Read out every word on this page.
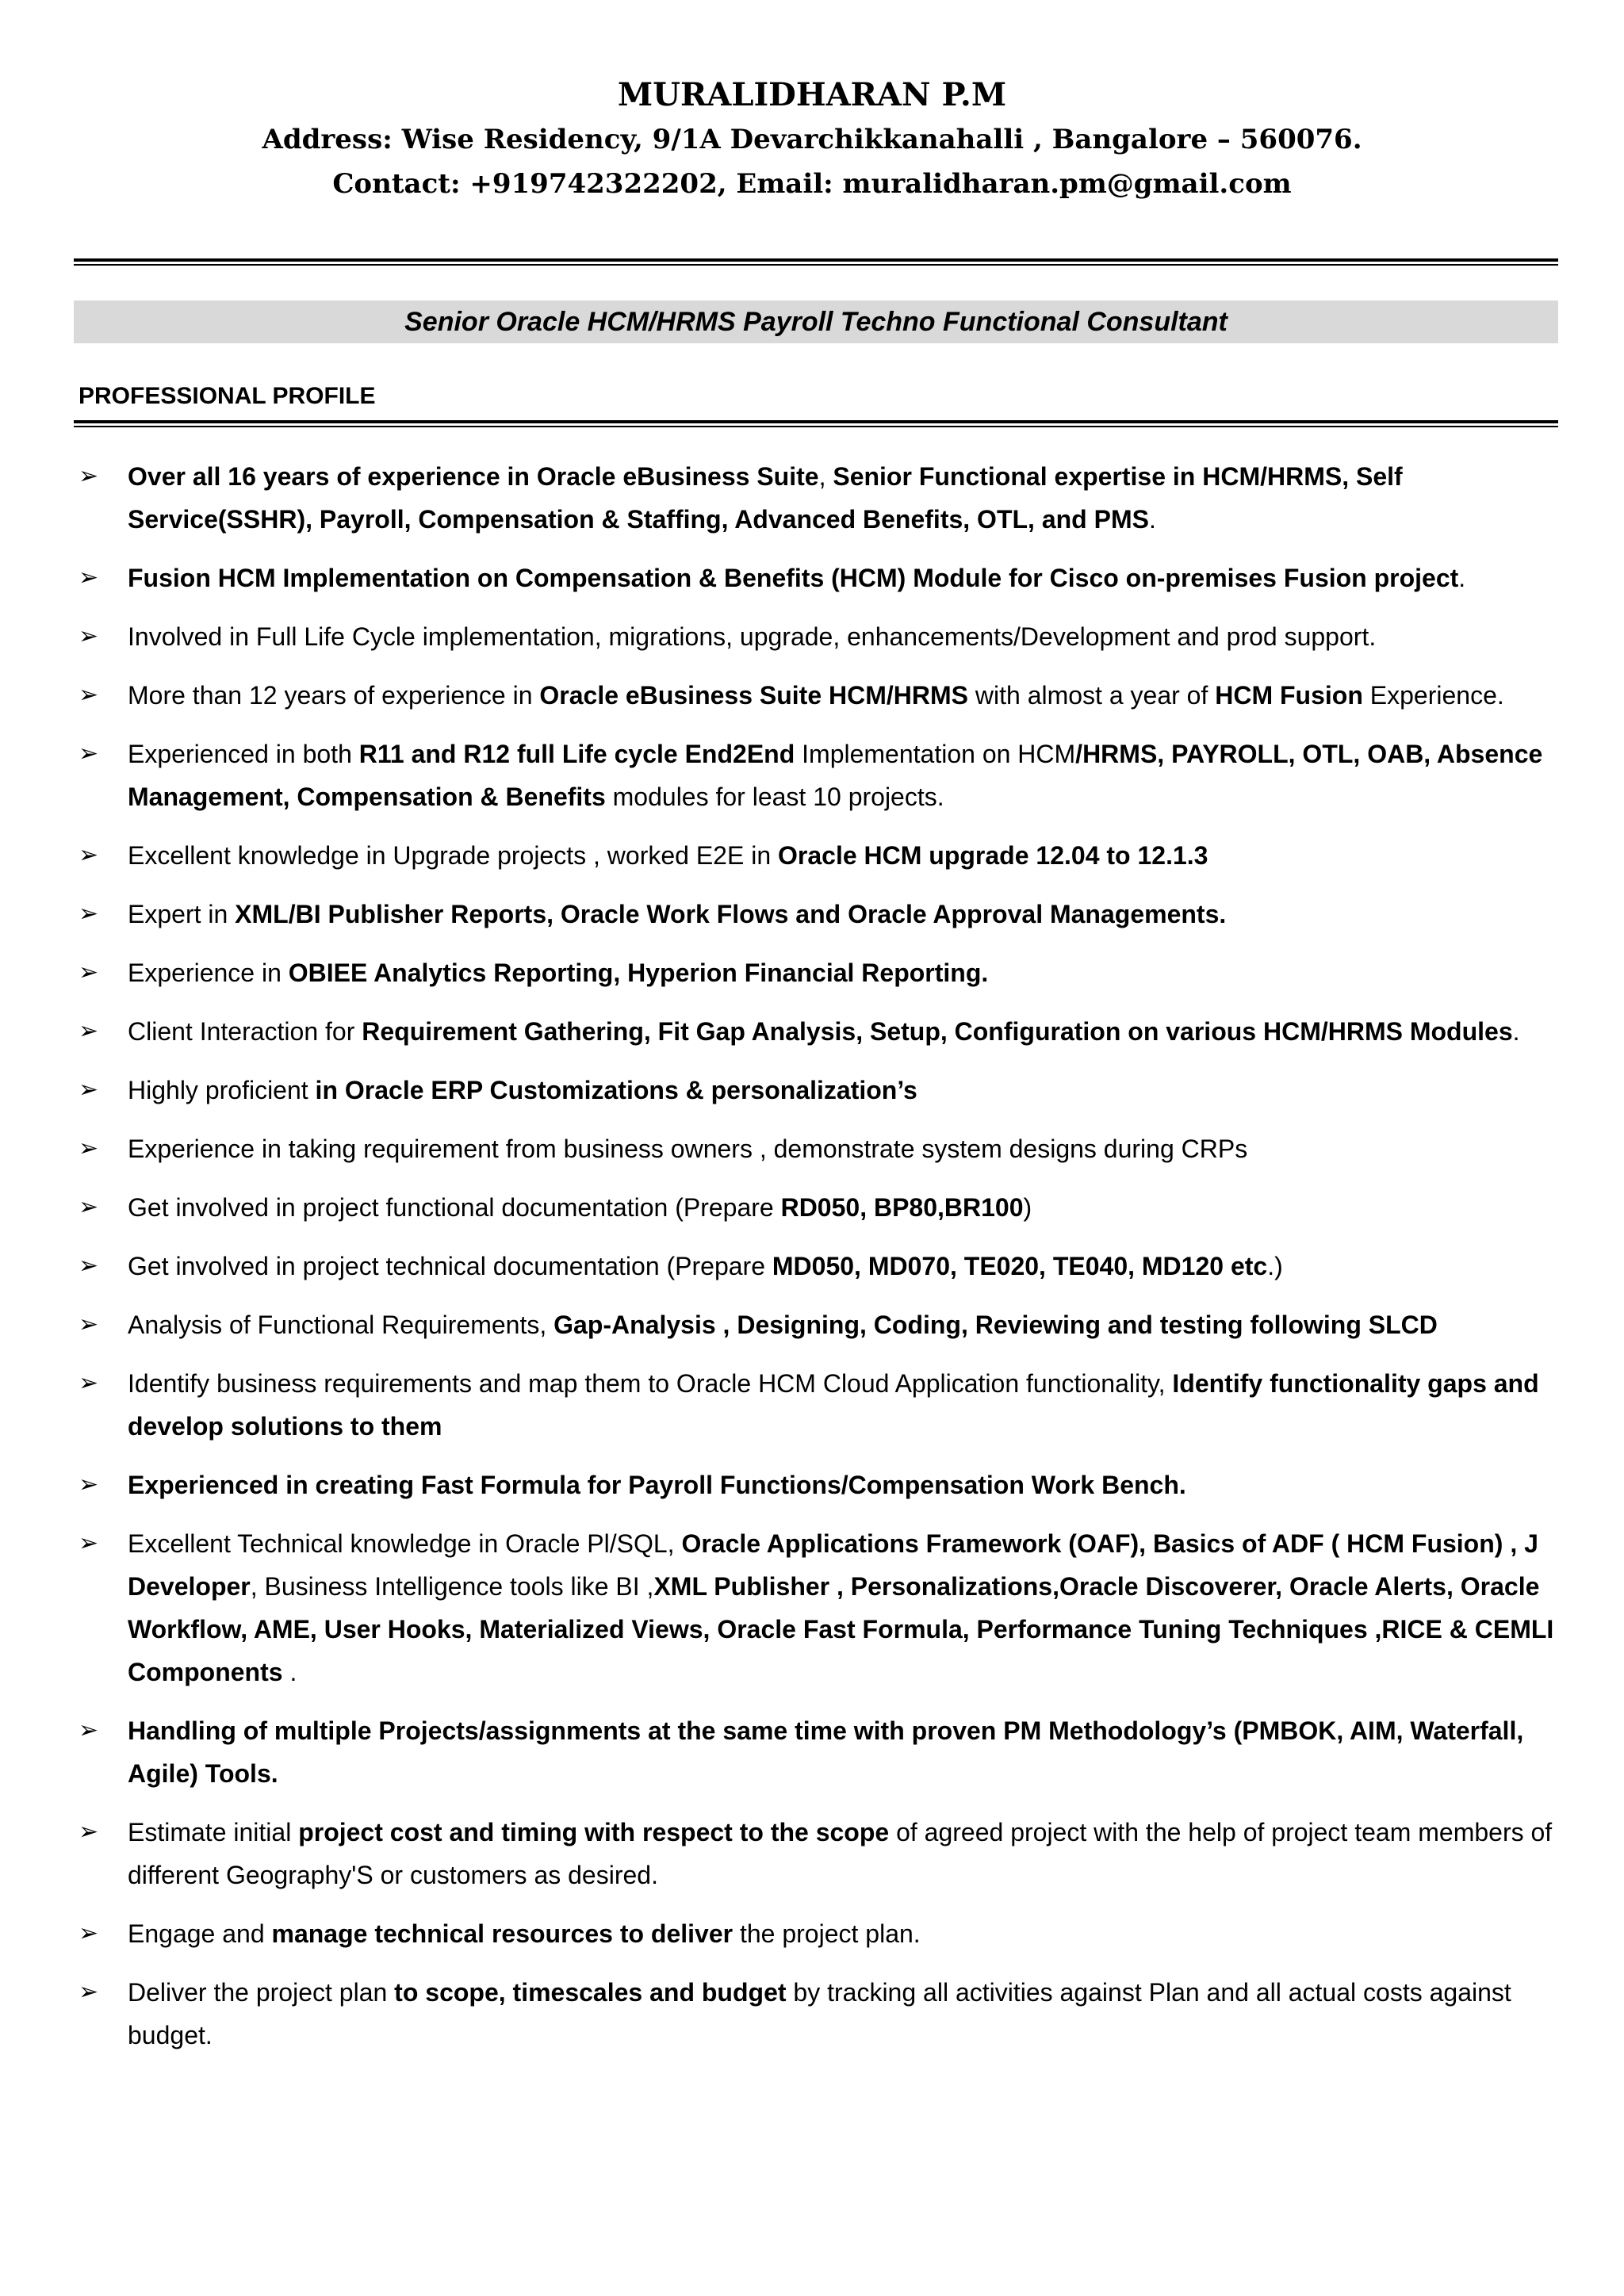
MURALIDHARAN P.M
Address: Wise Residency, 9/1A Devarchikkanahalli , Bangalore – 560076.
Contact: +919742322202, Email: muralidharan.pm@gmail.com
Senior Oracle HCM/HRMS Payroll Techno Functional Consultant
PROFESSIONAL PROFILE
➢ Over all 16 years of experience in Oracle eBusiness Suite, Senior Functional expertise in HCM/HRMS, Self Service(SSHR), Payroll, Compensation & Staffing, Advanced Benefits, OTL, and PMS.
➢ Fusion HCM Implementation on Compensation & Benefits (HCM) Module for Cisco on-premises Fusion project.
➢ Involved in Full Life Cycle implementation, migrations, upgrade, enhancements/Development and prod support.
➢ More than 12 years of experience in Oracle eBusiness Suite HCM/HRMS with almost a year of HCM Fusion Experience.
➢ Experienced in both R11 and R12 full Life cycle End2End Implementation on HCM/HRMS, PAYROLL, OTL, OAB, Absence Management, Compensation & Benefits modules for least 10 projects.
➢ Excellent knowledge in Upgrade projects , worked E2E in Oracle HCM upgrade 12.04 to 12.1.3
➢ Expert in XML/BI Publisher Reports, Oracle Work Flows and Oracle Approval Managements.
➢ Experience in OBIEE Analytics Reporting, Hyperion Financial Reporting.
➢ Client Interaction for Requirement Gathering, Fit Gap Analysis, Setup, Configuration on various HCM/HRMS Modules.
➢ Highly proficient in Oracle ERP Customizations & personalization’s
➢ Experience in taking requirement from business owners , demonstrate system designs during CRPs
➢ Get involved in project functional documentation (Prepare RD050, BP80,BR100)
➢ Get involved in project technical documentation (Prepare MD050, MD070, TE020, TE040, MD120 etc.)
➢ Analysis of Functional Requirements, Gap-Analysis , Designing, Coding, Reviewing and testing following SLCD
➢ Identify business requirements and map them to Oracle HCM Cloud Application functionality, Identify functionality gaps and develop solutions to them
➢ Experienced in creating Fast Formula for Payroll Functions/Compensation Work Bench.
➢ Excellent Technical knowledge in Oracle Pl/SQL, Oracle Applications Framework (OAF), Basics of ADF ( HCM Fusion) , J Developer, Business Intelligence tools like BI ,XML Publisher , Personalizations,Oracle Discoverer, Oracle Alerts, Oracle Workflow, AME, User Hooks, Materialized Views, Oracle Fast Formula, Performance Tuning Techniques ,RICE & CEMLI Components .
➢ Handling of multiple Projects/assignments at the same time with proven PM Methodology’s (PMBOK, AIM, Waterfall, Agile) Tools.
➢ Estimate initial project cost and timing with respect to the scope of agreed project with the help of project team members of different Geography'S or customers as desired.
➢ Engage and manage technical resources to deliver the project plan.
➢ Deliver the project plan to scope, timescales and budget by tracking all activities against Plan and all actual costs against budget.
